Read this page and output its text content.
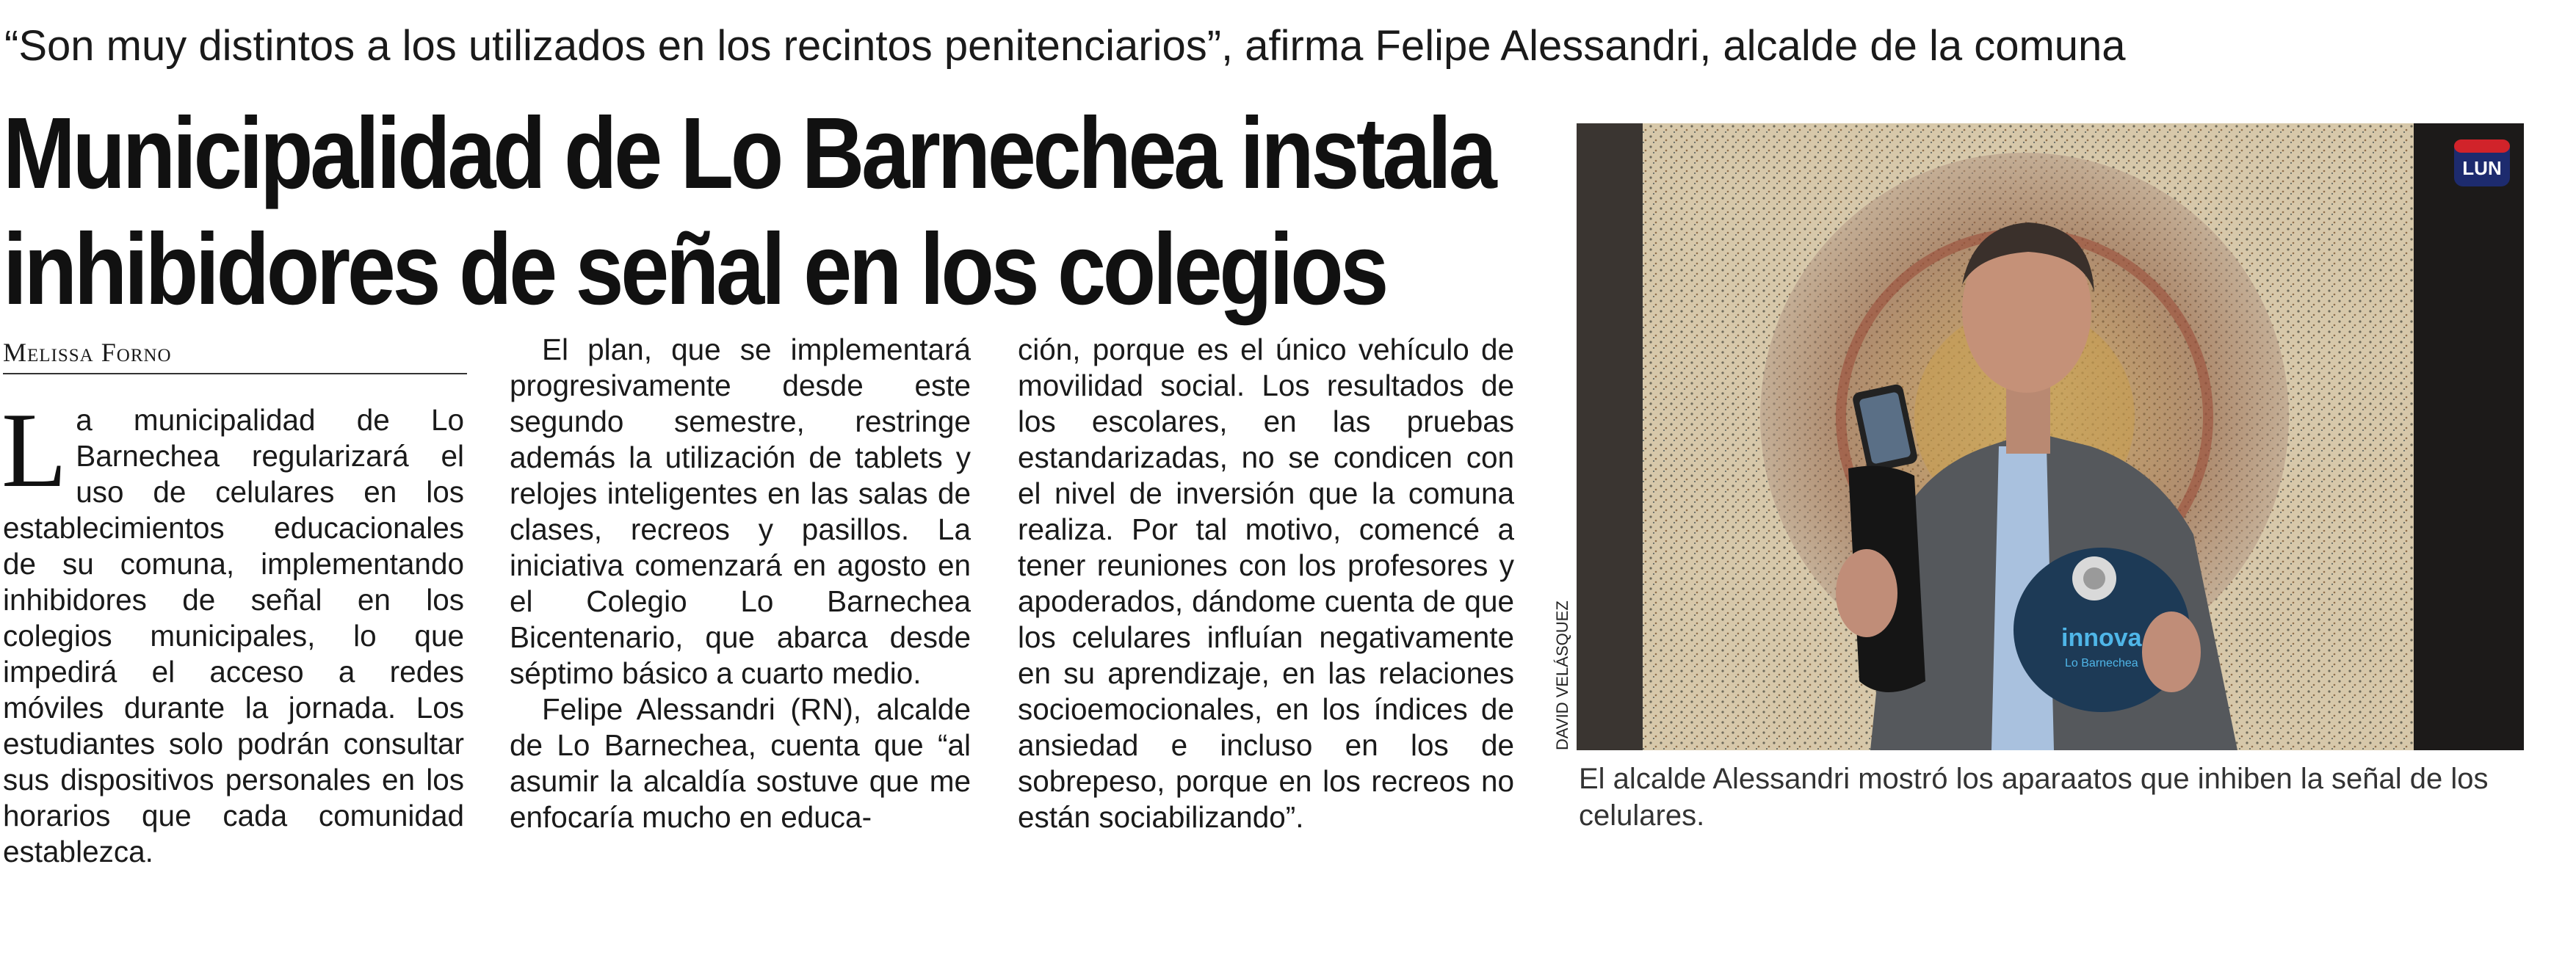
“Son muy distintos a los utilizados en los recintos penitenciarios”, afirma Felipe Alessandri, alcalde de la comuna
Municipalidad de Lo Barnechea instala
inhibidores de señal en los colegios
Melissa Forno
L a municipalidad de Lo Barnechea regularizará el uso de celulares en los establecimientos educacionales de su comuna, implementando inhibidores de señal en los colegios municipales, lo que impedirá el acceso a redes móviles durante la jornada. Los estudiantes solo podrán consultar sus dispositivos personales en los horarios que cada comunidad establezca.

El plan, que se implementará progresivamente desde este segundo semestre, restringe además la utilización de tablets y relojes inteligentes en las salas de clases, recreos y pasillos. La iniciativa comenzará en agosto en el Colegio Lo Barnechea Bicentenario, que abarca desde séptimo básico a cuarto medio.

Felipe Alessandri (RN), alcalde de Lo Barnechea, cuenta que “al asumir la alcaldía sostuve que me enfocaría mucho en educa-

ción, porque es el único vehículo de movilidad social. Los resultados de los escolares, en las pruebas estandarizadas, no se condicen con el nivel de inversión que la comuna realiza. Por tal motivo, comencé a tener reuniones con los profesores y apoderados, dándome cuenta de que los celulares influían negativamente en su aprendizaje, en las relaciones socioemocionales, en los índices de ansiedad e incluso en los de sobrepeso, porque en los recreos no están sociabilizando”.

innova
Lo Barnechea
LUN
DAVID VELÁSQUEZ
El alcalde Alessandri mostró los aparaatos que inhiben la señal de los celulares.
